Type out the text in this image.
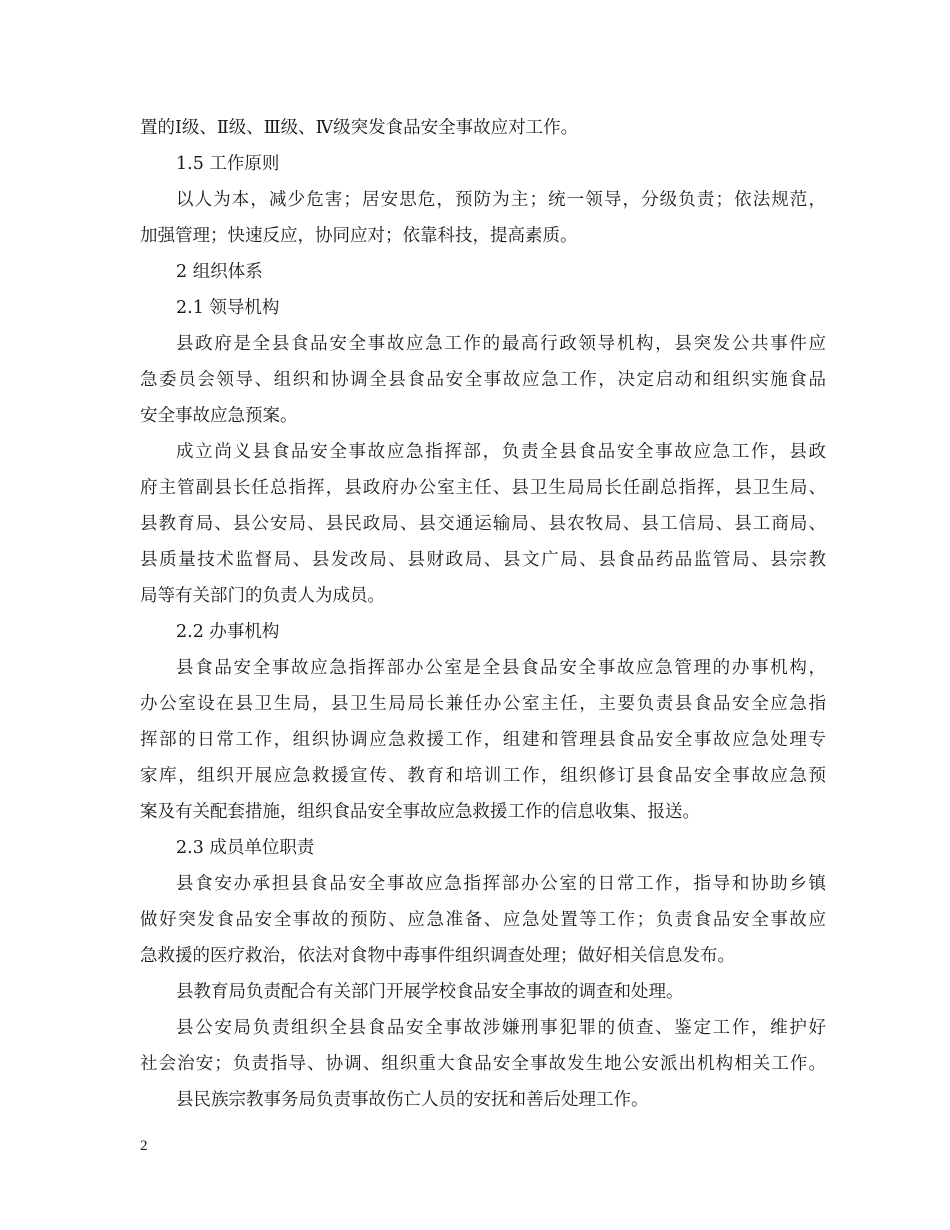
置的Ⅰ级、Ⅱ级、Ⅲ级、Ⅳ级突发食品安全事故应对工作。
1.5 工作原则
以人为本，减少危害；居安思危，预防为主；统一领导，分级负责；依法规范，
加强管理；快速反应，协同应对；依靠科技，提高素质。
2 组织体系
2.1 领导机构
县政府是全县食品安全事故应急工作的最高行政领导机构，县突发公共事件应
急委员会领导、组织和协调全县食品安全事故应急工作，决定启动和组织实施食品
安全事故应急预案。
成立尚义县食品安全事故应急指挥部，负责全县食品安全事故应急工作，县政
府主管副县长任总指挥，县政府办公室主任、县卫生局局长任副总指挥，县卫生局、
县教育局、县公安局、县民政局、县交通运输局、县农牧局、县工信局、县工商局、
县质量技术监督局、县发改局、县财政局、县文广局、县食品药品监管局、县宗教
局等有关部门的负责人为成员。
2.2 办事机构
县食品安全事故应急指挥部办公室是全县食品安全事故应急管理的办事机构，
办公室设在县卫生局，县卫生局局长兼任办公室主任，主要负责县食品安全应急指
挥部的日常工作，组织协调应急救援工作，组建和管理县食品安全事故应急处理专
家库，组织开展应急救援宣传、教育和培训工作，组织修订县食品安全事故应急预
案及有关配套措施，组织食品安全事故应急救援工作的信息收集、报送。
2.3 成员单位职责
县食安办承担县食品安全事故应急指挥部办公室的日常工作，指导和协助乡镇
做好突发食品安全事故的预防、应急准备、应急处置等工作；负责食品安全事故应
急救援的医疗救治，依法对食物中毒事件组织调查处理；做好相关信息发布。
县教育局负责配合有关部门开展学校食品安全事故的调查和处理。
县公安局负责组织全县食品安全事故涉嫌刑事犯罪的侦查、鉴定工作，维护好
社会治安；负责指导、协调、组织重大食品安全事故发生地公安派出机构相关工作。
县民族宗教事务局负责事故伤亡人员的安抚和善后处理工作。
2
